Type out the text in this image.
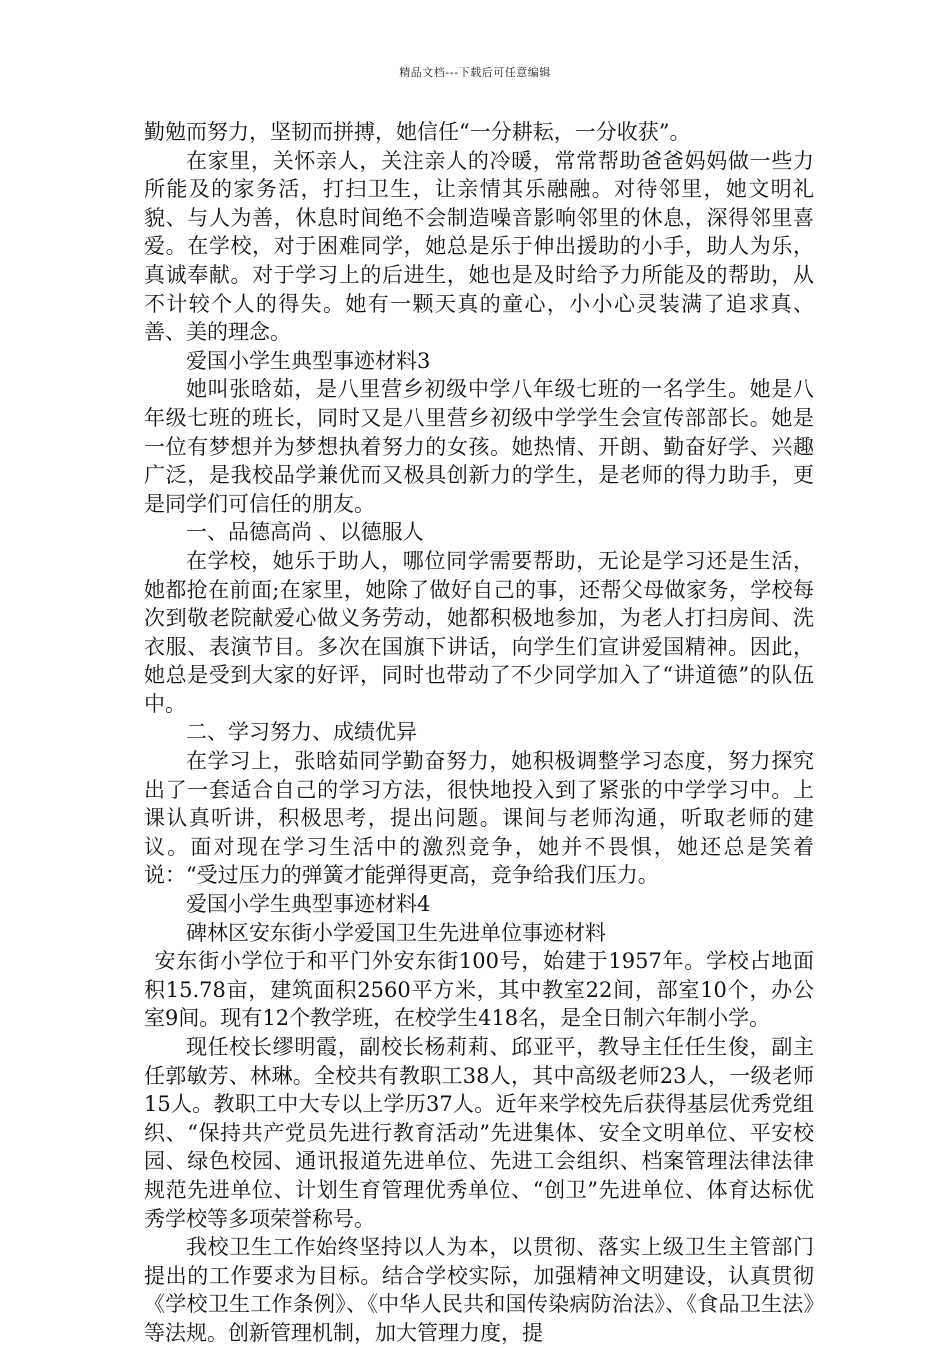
精品文档---下载后可任意编辑

勤勉而努力，坚韧而拼搏，她信任“一分耕耘，一分收获”。

在家里，关怀亲人，关注亲人的冷暖，常常帮助爸爸妈妈做一些力所能及的家务活，打扫卫生，让亲情其乐融融。对待邻里，她文明礼貌、与人为善，休息时间绝不会制造噪音影响邻里的休息，深得邻里喜爱。在学校，对于困难同学，她总是乐于伸出援助的小手，助人为乐，真诚奉献。对于学习上的后进生，她也是及时给予力所能及的帮助，从不计较个人的得失。她有一颗天真的童心，小小心灵装满了追求真、善、美的理念。

爱国小学生典型事迹材料3

她叫张晗茹，是八里营乡初级中学八年级七班的一名学生。她是八年级七班的班长，同时又是八里营乡初级中学学生会宣传部部长。她是一位有梦想并为梦想执着努力的女孩。她热情、开朗、勤奋好学、兴趣广泛，是我校品学兼优而又极具创新力的学生，是老师的得力助手，更是同学们可信任的朋友。

一、品德高尚 、以德服人

在学校，她乐于助人，哪位同学需要帮助，无论是学习还是生活，她都抢在前面;在家里，她除了做好自己的事，还帮父母做家务，学校每次到敬老院献爱心做义务劳动，她都积极地参加，为老人打扫房间、洗衣服、表演节目。多次在国旗下讲话，向学生们宣讲爱国精神。因此，她总是受到大家的好评，同时也带动了不少同学加入了“讲道德”的队伍中。

二、学习努力、成绩优异

在学习上，张晗茹同学勤奋努力，她积极调整学习态度，努力探究出了一套适合自己的学习方法，很快地投入到了紧张的中学学习中。上课认真听讲，积极思考，提出问题。课间与老师沟通，听取老师的建议。面对现在学习生活中的激烈竞争，她并不畏惧，她还总是笑着说：“受过压力的弹簧才能弹得更高，竞争给我们压力。

爱国小学生典型事迹材料4

碑林区安东街小学爱国卫生先进单位事迹材料

安东街小学位于和平门外安东街100号，始建于1957年。学校占地面积15.78亩，建筑面积2560平方米，其中教室22间，部室10个，办公室9间。现有12个教学班，在校学生418名，是全日制六年制小学。

现任校长缪明霞，副校长杨莉莉、邱亚平，教导主任任生俊，副主任郭敏芳、林琳。全校共有教职工38人，其中高级老师23人，一级老师15人。教职工中大专以上学历37人。近年来学校先后获得基层优秀党组织、“保持共产党员先进行教育活动”先进集体、安全文明单位、平安校园、绿色校园、通讯报道先进单位、先进工会组织、档案管理法律法律规范先进单位、计划生育管理优秀单位、“创卫”先进单位、体育达标优秀学校等多项荣誉称号。

我校卫生工作始终坚持以人为本，以贯彻、落实上级卫生主管部门提出的工作要求为目标。结合学校实际，加强精神文明建设，认真贯彻《学校卫生工作条例》、《中华人民共和国传染病防治法》、《食品卫生法》等法规。创新管理机制，加大管理力度，提
